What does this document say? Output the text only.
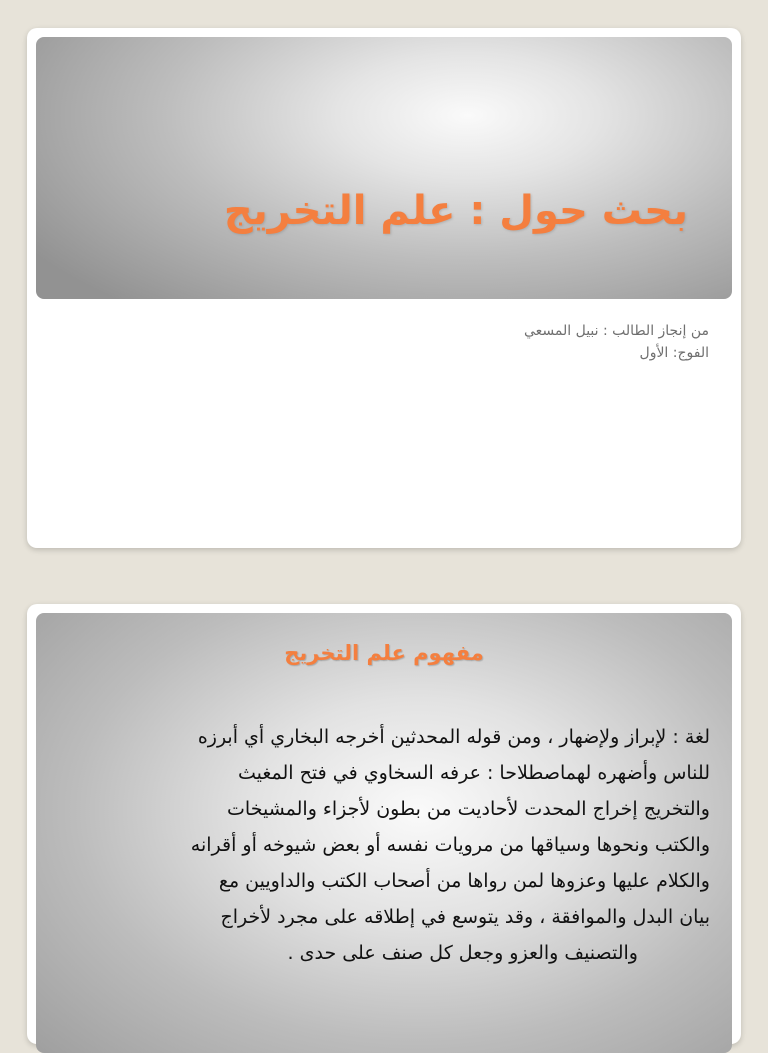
بحث حول : علم التخريج
من إنجاز الطالب : نبيل المسعي
الفوج: الأول
مفهوم علم التخريج
لغة : لإبراز ولإضهار ، ومن قوله المحدثين أخرجه البخاري أي أبرزه
للناس وأضهره لهماصطلاحا : عرفه السخاوي في فتح المغيث
والتخريج إخراج المحدت لأحاديت من بطون لأجزاء والمشيخات
والكتب ونحوها وسياقها من مرويات نفسه أو بعض شيوخه أو أقرانه
والكلام عليها وعزوها لمن رواها من أصحاب الكتب والداويين مع
بيان البدل والموافقة ، وقد يتوسع في إطلاقه على مجرد لأخراج
والتصنيف والعزو وجعل كل صنف على حدى .
